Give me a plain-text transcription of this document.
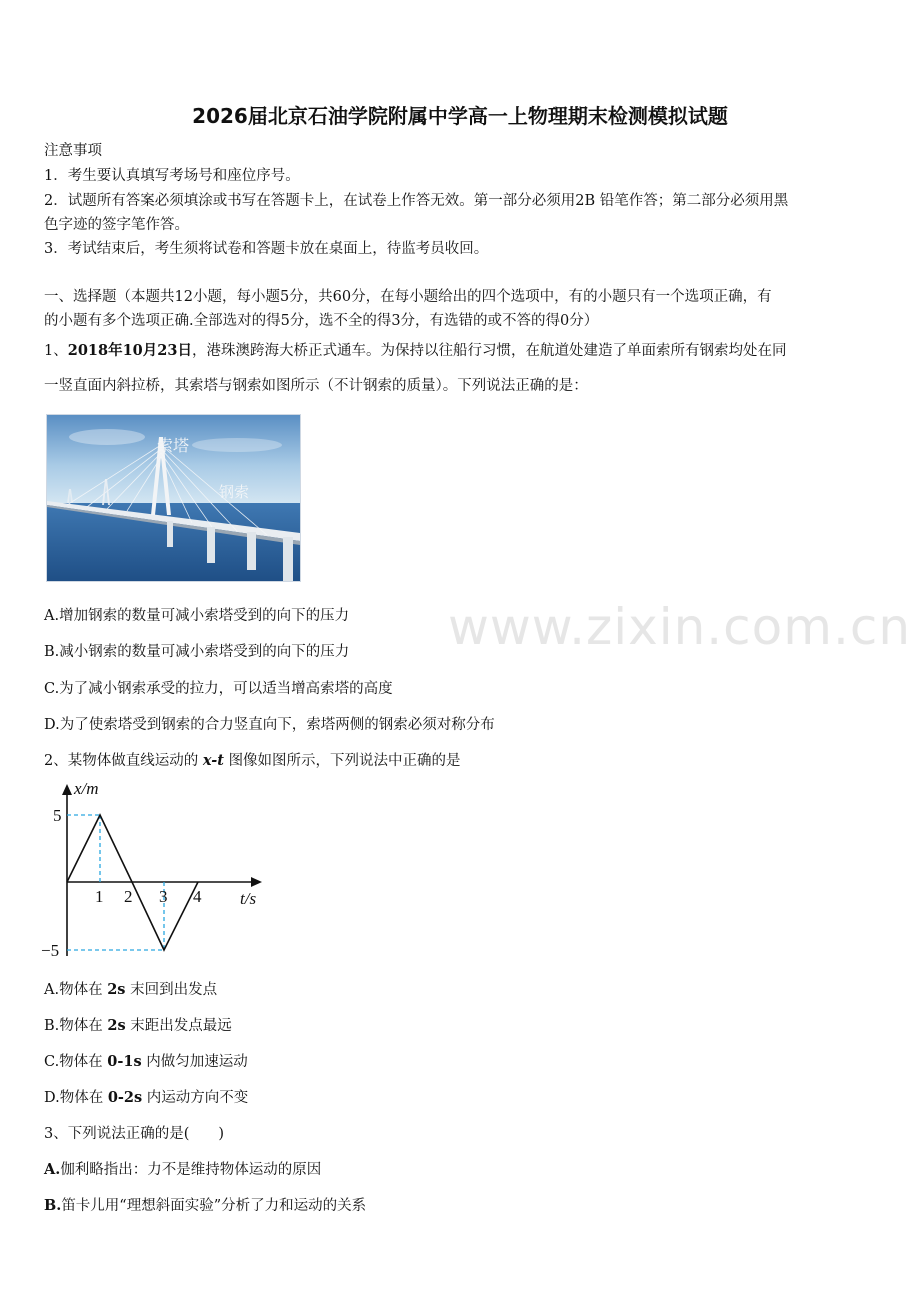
2026届北京石油学院附属中学高一上物理期末检测模拟试题
注意事项
1．考生要认真填写考场号和座位序号。
2．试题所有答案必须填涂或书写在答题卡上，在试卷上作答无效。第一部分必须用2B 铅笔作答；第二部分必须用黑
色字迹的签字笔作答。
3．考试结束后，考生须将试卷和答题卡放在桌面上，待监考员收回。
一、选择题（本题共12小题，每小题5分，共60分，在每小题给出的四个选项中，有的小题只有一个选项正确，有
的小题有多个选项正确.全部选对的得5分，选不全的得3分，有选错的或不答的得0分）
1、2018年10月23日，港珠澳跨海大桥正式通车。为保持以往船行习惯，在航道处建造了单面索所有钢索均处在同
一竖直面内斜拉桥，其索塔与钢索如图所示（不计钢索的质量）。下列说法正确的是：
索塔
钢索
A.增加钢索的数量可减小索塔受到的向下的压力
B.减小钢索的数量可减小索塔受到的向下的压力
C.为了减小钢索承受的拉力，可以适当增高索塔的高度
D.为了使索塔受到钢索的合力竖直向下，索塔两侧的钢索必须对称分布
www.zixin.com.cn
2、某物体做直线运动的 x-t 图像如图所示，下列说法中正确的是
x/m
t/s
5
−5
1 2 3 4
A.物体在 2s 末回到出发点
B.物体在 2s 末距出发点最远
C.物体在 0-1s 内做匀加速运动
D.物体在 0-2s 内运动方向不变
3、下列说法正确的是(　　)
A.伽利略指出：力不是维持物体运动的原因
B.笛卡儿用“理想斜面实验”分析了力和运动的关系
